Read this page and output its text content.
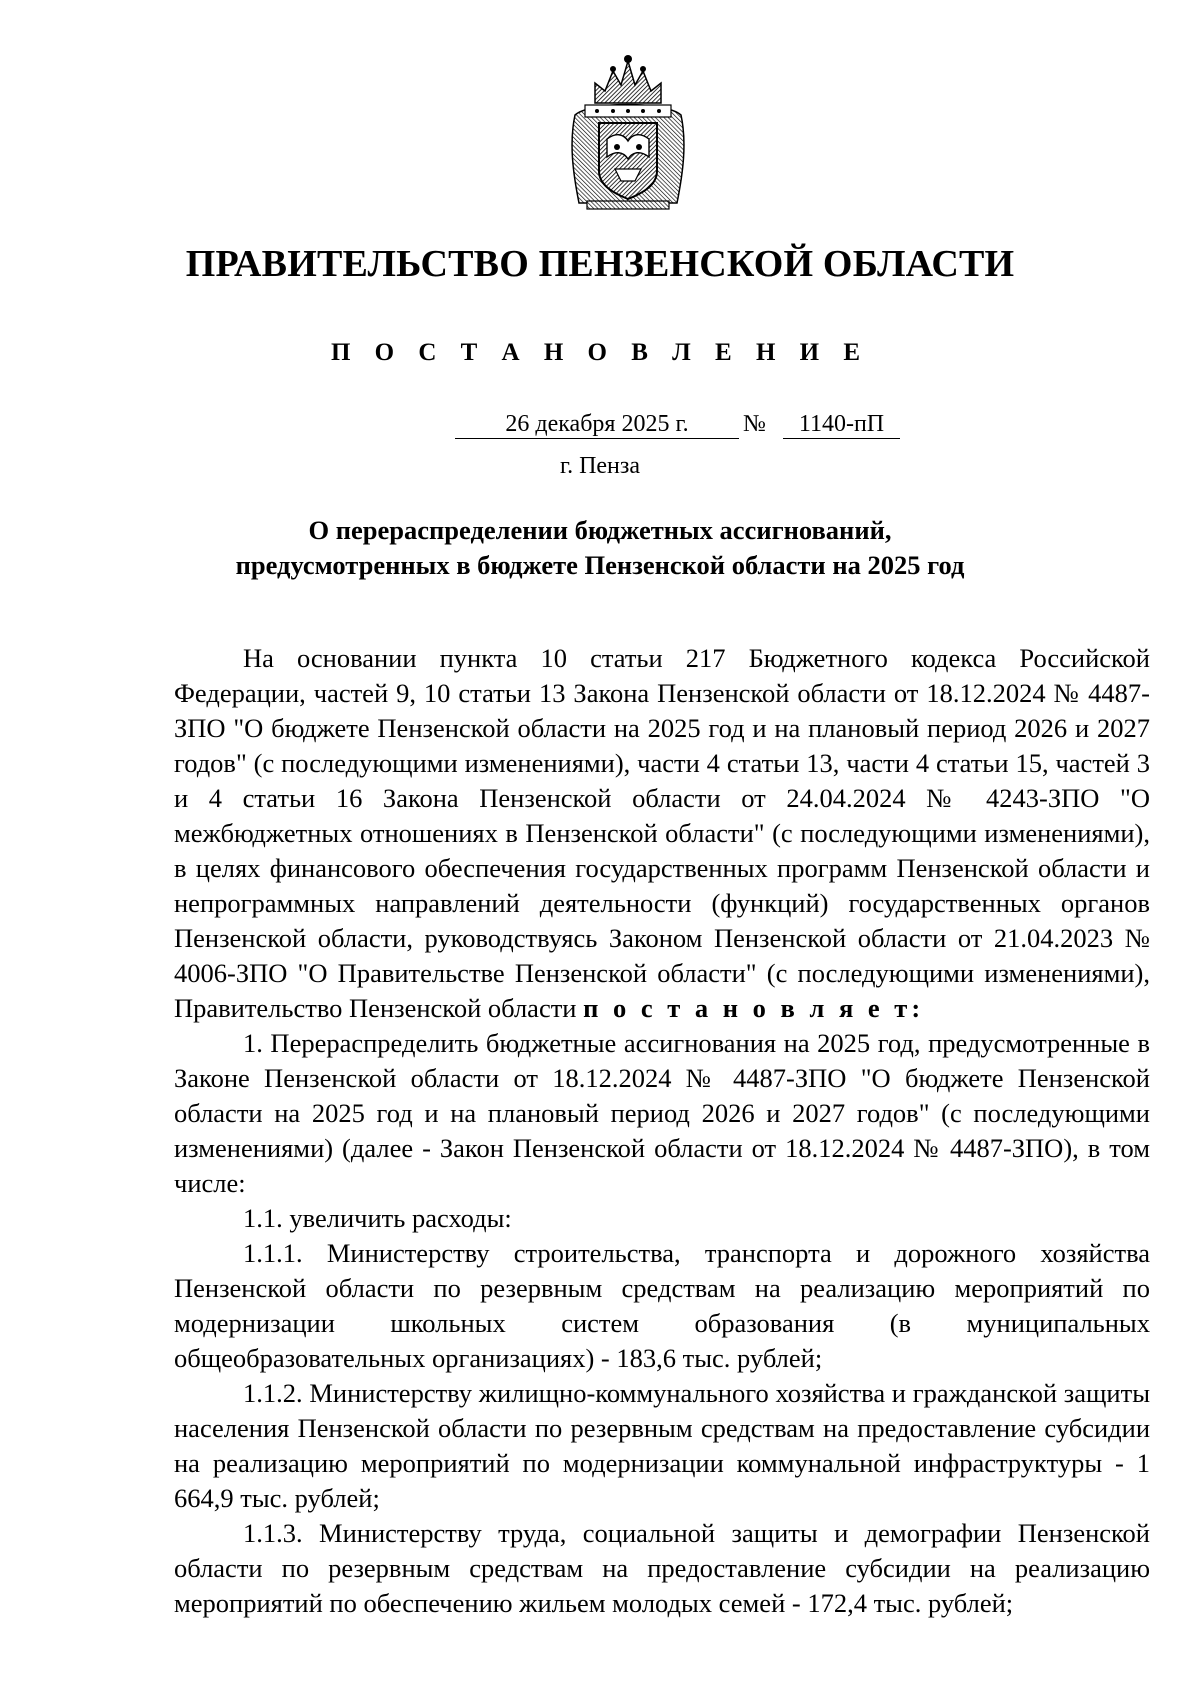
ПРАВИТЕЛЬСТВО ПЕНЗЕНСКОЙ ОБЛАСТИ
П О С Т А Н О В Л Е Н И Е
26 декабря 2025 г.	№	1140-пП
г. Пенза
О перераспределении бюджетных ассигнований,
предусмотренных в бюджете Пензенской области на 2025 год

На основании пункта 10 статьи 217 Бюджетного кодекса Российской Федерации, частей 9, 10 статьи 13 Закона Пензенской области от 18.12.2024 № 4487-ЗПО "О бюджете Пензенской области на 2025 год и на плановый период 2026 и 2027 годов" (с последующими изменениями), части 4 статьи 13, части 4 статьи 15, частей 3 и 4 статьи 16 Закона Пензенской области от 24.04.2024 № 4243-ЗПО "О межбюджетных отношениях в Пензенской области" (с последующими изменениями), в целях финансового обеспечения государственных программ Пензенской области и непрограммных направлений деятельности (функций) государственных органов Пензенской области, руководствуясь Законом Пензенской области от 21.04.2023 № 4006-ЗПО "О Правительстве Пензенской области" (с последующими изменениями), Правительство Пензенской области п о с т а н о в л я е т:

1. Перераспределить бюджетные ассигнования на 2025 год, предусмотренные в Законе Пензенской области от 18.12.2024 № 4487-ЗПО "О бюджете Пензенской области на 2025 год и на плановый период 2026 и 2027 годов" (с последующими изменениями) (далее - Закон Пензенской области от 18.12.2024 № 4487-ЗПО), в том числе:

1.1. увеличить расходы:

1.1.1. Министерству строительства, транспорта и дорожного хозяйства Пензенской области по резервным средствам на реализацию мероприятий по модернизации школьных систем образования (в муниципальных общеобразовательных организациях) - 183,6 тыс. рублей;

1.1.2. Министерству жилищно-коммунального хозяйства и гражданской защиты населения Пензенской области по резервным средствам на предоставление субсидии на реализацию мероприятий по модернизации коммунальной инфраструктуры - 1 664,9 тыс. рублей;

1.1.3. Министерству труда, социальной защиты и демографии Пензенской области по резервным средствам на предоставление субсидии на реализацию мероприятий по обеспечению жильем молодых семей - 172,4 тыс. рублей;
